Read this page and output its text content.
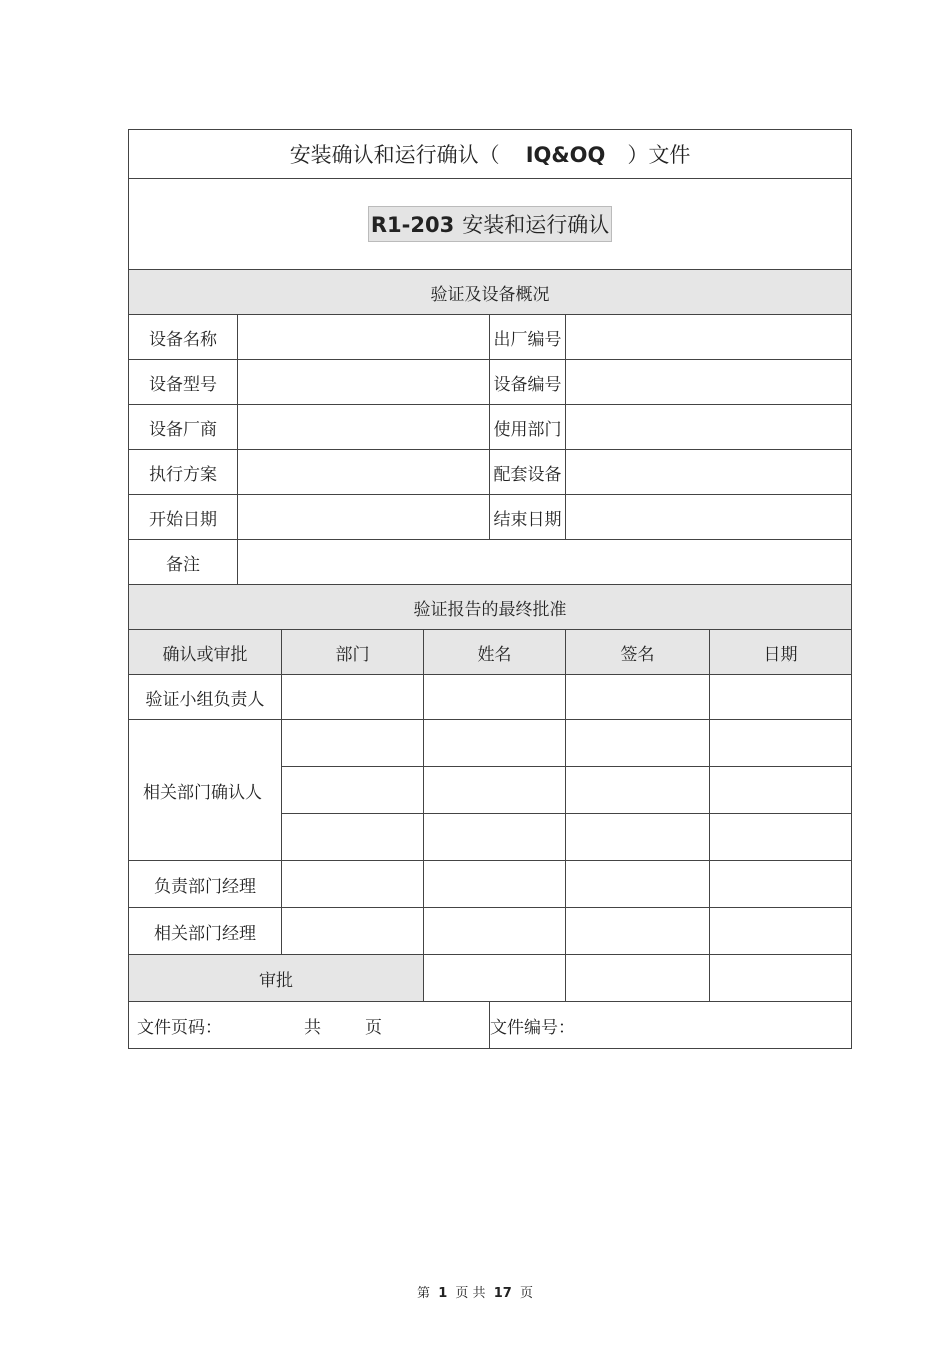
安装确认和运行确认（ IQ&OQ ）文件						
R1-203 安装和运行确认						
验证及设备概况						
设备名称				出厂编号		
设备型号				设备编号		
设备厂商				使用部门		
执行方案				配套设备		
开始日期				结束日期		
备注						
验证报告的最终批准						
确认或审批		部门	姓名		签名	日期
验证小组负责人						
相关部门确认人						

负责部门经理						
相关部门经理						
审批						
文件页码： 共 页				文件编号：		
第 1 页 共 17 页
